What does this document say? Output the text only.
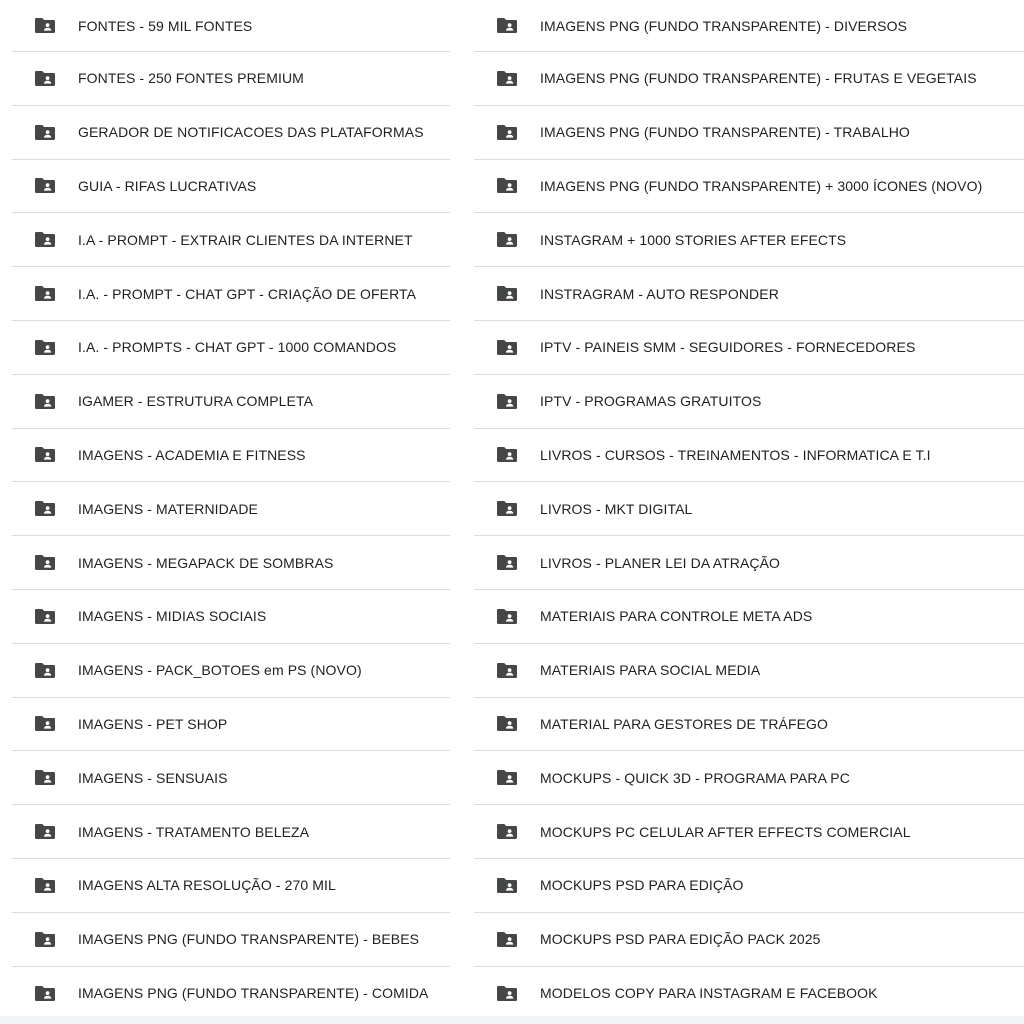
FONTES - 59 MIL FONTES
FONTES - 250 FONTES PREMIUM
GERADOR DE NOTIFICACOES DAS PLATAFORMAS
GUIA - RIFAS LUCRATIVAS
I.A - PROMPT - EXTRAIR CLIENTES DA INTERNET
I.A. - PROMPT - CHAT GPT - CRIAÇÃO DE OFERTA
I.A. - PROMPTS - CHAT GPT - 1000 COMANDOS
IGAMER - ESTRUTURA COMPLETA
IMAGENS - ACADEMIA E FITNESS
IMAGENS - MATERNIDADE
IMAGENS - MEGAPACK DE SOMBRAS
IMAGENS - MIDIAS SOCIAIS
IMAGENS - PACK_BOTOES em PS (NOVO)
IMAGENS - PET SHOP
IMAGENS - SENSUAIS
IMAGENS - TRATAMENTO BELEZA
IMAGENS ALTA RESOLUÇÃO - 270 MIL
IMAGENS PNG (FUNDO TRANSPARENTE) - BEBES
IMAGENS PNG (FUNDO TRANSPARENTE) - COMIDA
IMAGENS PNG (FUNDO TRANSPARENTE) - DIVERSOS
IMAGENS PNG (FUNDO TRANSPARENTE) - FRUTAS E VEGETAIS
IMAGENS PNG (FUNDO TRANSPARENTE) - TRABALHO
IMAGENS PNG (FUNDO TRANSPARENTE) + 3000 ÍCONES (NOVO)
INSTAGRAM + 1000 STORIES AFTER EFECTS
INSTRAGRAM - AUTO RESPONDER
IPTV - PAINEIS SMM - SEGUIDORES - FORNECEDORES
IPTV - PROGRAMAS GRATUITOS
LIVROS - CURSOS - TREINAMENTOS - INFORMATICA E T.I
LIVROS - MKT DIGITAL
LIVROS - PLANER LEI DA ATRAÇÃO
MATERIAIS PARA CONTROLE META ADS
MATERIAIS PARA SOCIAL MEDIA
MATERIAL PARA GESTORES DE TRÁFEGO
MOCKUPS - QUICK 3D - PROGRAMA PARA PC
MOCKUPS PC CELULAR AFTER EFFECTS COMERCIAL
MOCKUPS PSD PARA EDIÇÃO
MOCKUPS PSD PARA EDIÇÃO PACK 2025
MODELOS COPY PARA INSTAGRAM E FACEBOOK
